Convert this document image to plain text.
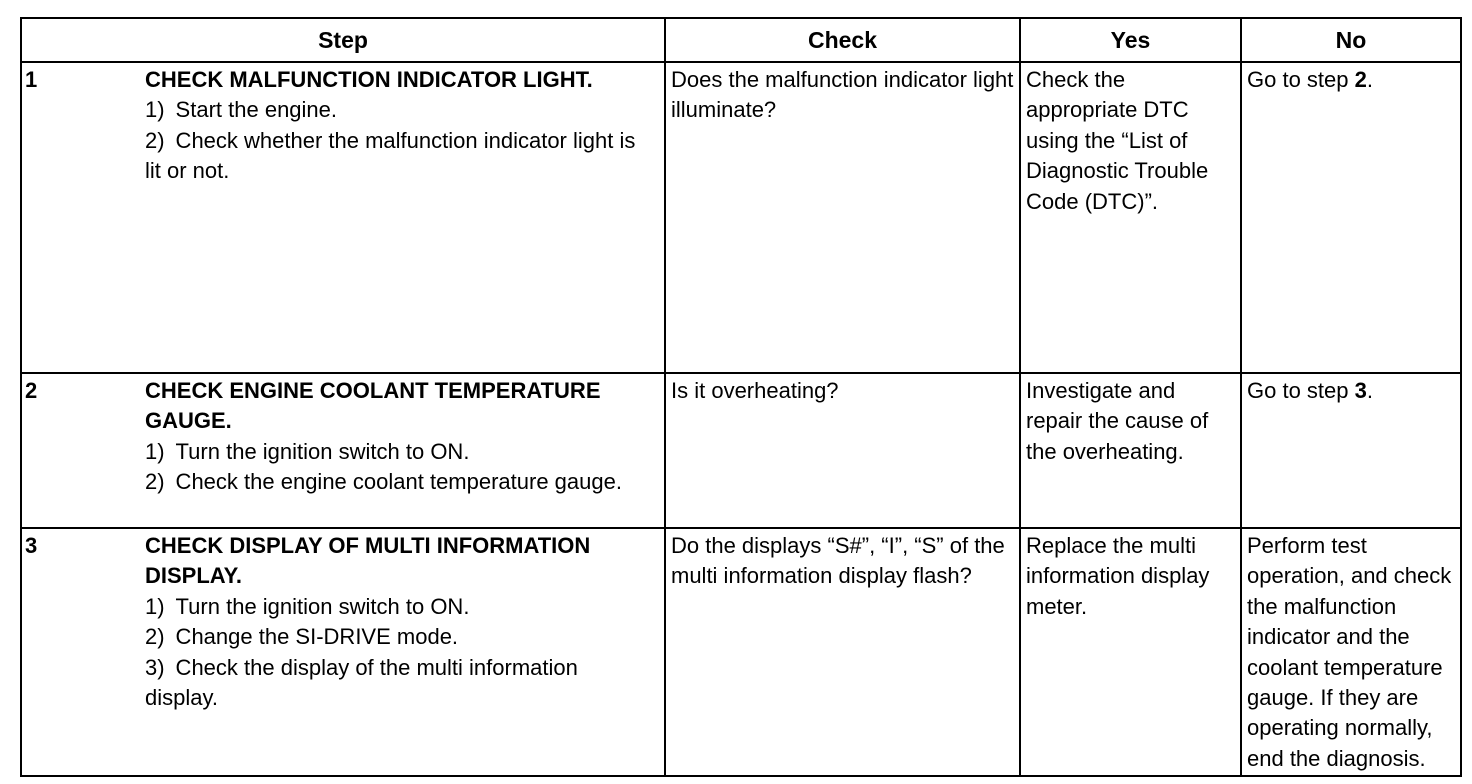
Step	Check	Yes	No

1 CHECK MALFUNCTION INDICATOR LIGHT.
1) Start the engine.
2) Check whether the malfunction indicator light is lit or not.	Does the malfunction indicator light illuminate?	Check the appropriate DTC using the “List of Diagnostic Trouble Code (DTC)”.	Go to step 2.

2 CHECK ENGINE COOLANT TEMPERATURE GAUGE.
1) Turn the ignition switch to ON.
2) Check the engine coolant temperature gauge.	Is it overheating?	Investigate and repair the cause of the overheating.	Go to step 3.

3 CHECK DISPLAY OF MULTI INFORMATION DISPLAY.
1) Turn the ignition switch to ON.
2) Change the SI-DRIVE mode.
3) Check the display of the multi information display.	Do the displays “S#”, “I”, “S” of the multi information display flash?	Replace the multi information display meter.	Perform test operation, and check the malfunction indicator and the coolant temperature gauge. If they are operating normally, end the diagnosis.
